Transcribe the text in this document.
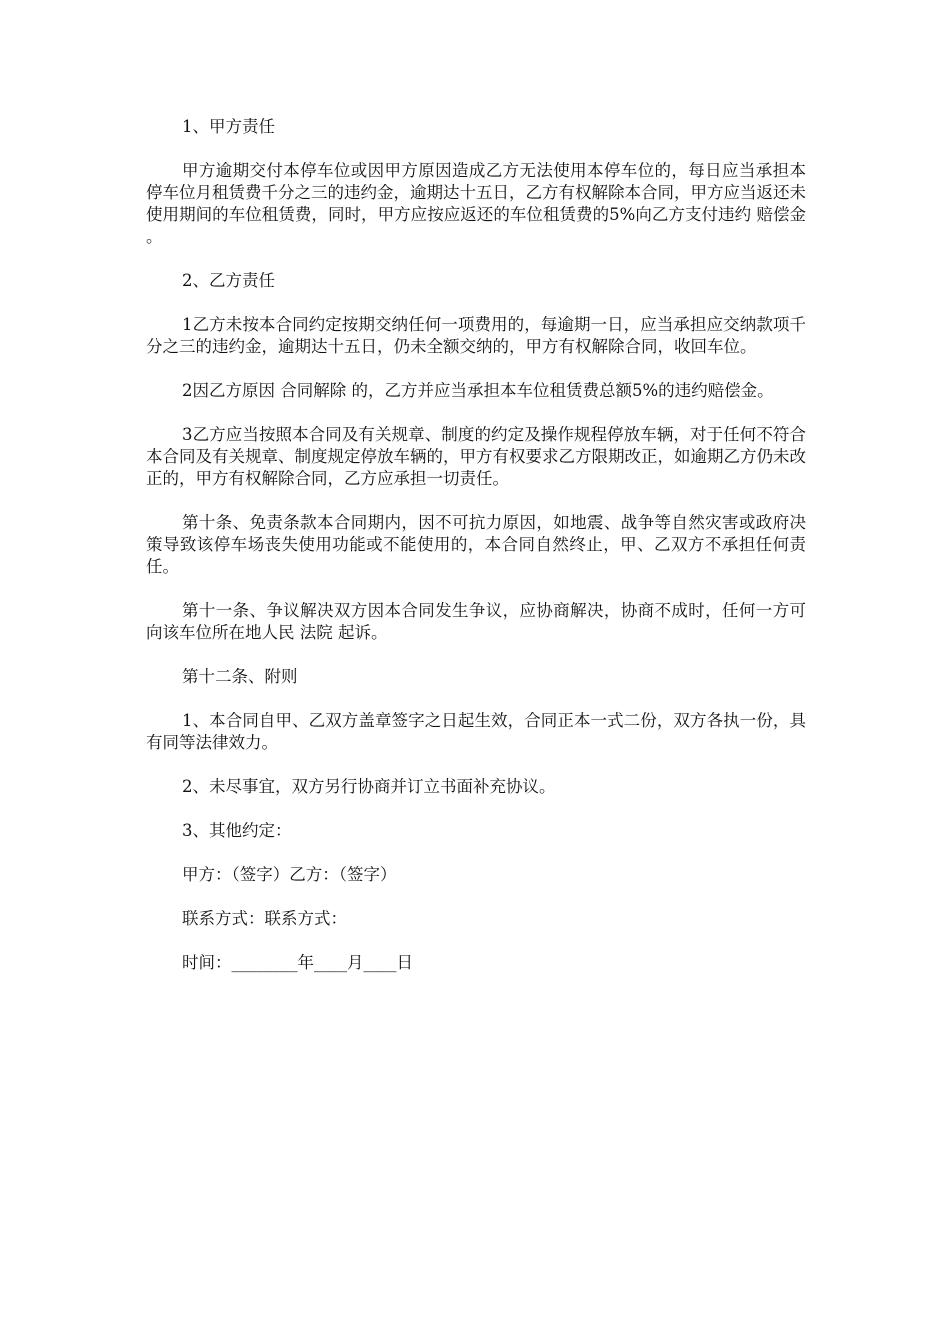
1、甲方责任

甲方逾期交付本停车位或因甲方原因造成乙方无法使用本停车位的，每日应当承担本停车位月租赁费千分之三的违约金，逾期达十五日，乙方有权解除本合同，甲方应当返还未使用期间的车位租赁费，同时，甲方应按应返还的车位租赁费的5%向乙方支付违约 赔偿金 。

2、乙方责任

1乙方未按本合同约定按期交纳任何一项费用的，每逾期一日，应当承担应交纳款项千分之三的违约金，逾期达十五日，仍未全额交纳的，甲方有权解除合同，收回车位。

2因乙方原因 合同解除 的，乙方并应当承担本车位租赁费总额5%的违约赔偿金。

3乙方应当按照本合同及有关规章、制度的约定及操作规程停放车辆，对于任何不符合本合同及有关规章、制度规定停放车辆的，甲方有权要求乙方限期改正，如逾期乙方仍未改正的，甲方有权解除合同，乙方应承担一切责任。

第十条、免责条款本合同期内，因不可抗力原因，如地震、战争等自然灾害或政府决策导致该停车场丧失使用功能或不能使用的，本合同自然终止，甲、乙双方不承担任何责任。

第十一条、争议解决双方因本合同发生争议，应协商解决，协商不成时，任何一方可向该车位所在地人民 法院 起诉。

第十二条、附则

1、本合同自甲、乙双方盖章签字之日起生效，合同正本一式二份，双方各执一份，具有同等法律效力。

2、未尽事宜，双方另行协商并订立书面补充协议。

3、其他约定：

甲方：（签字）乙方：（签字）

联系方式：联系方式：

时间：________年____月____日
